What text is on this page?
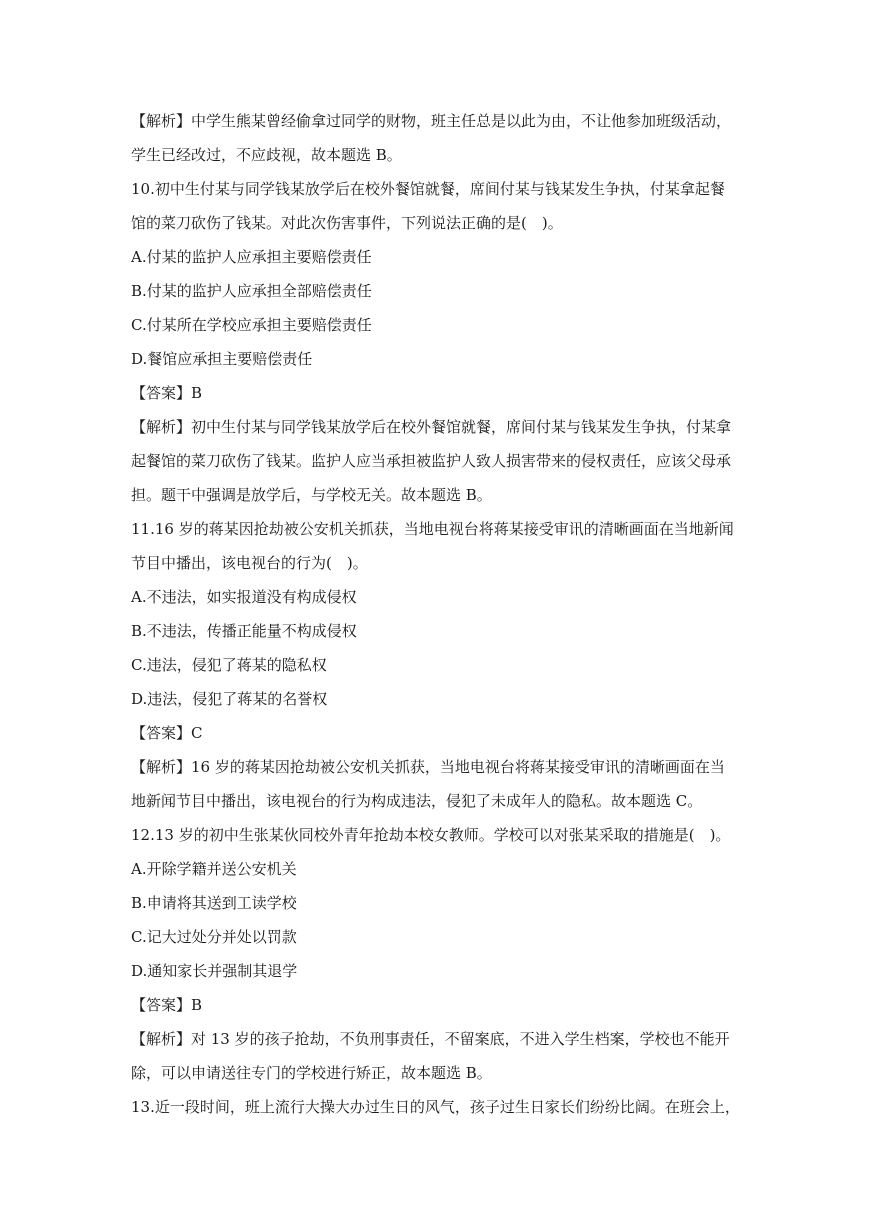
【解析】中学生熊某曾经偷拿过同学的财物，班主任总是以此为由，不让他参加班级活动，
学生已经改过，不应歧视，故本题选 B。
10.初中生付某与同学钱某放学后在校外餐馆就餐，席间付某与钱某发生争执，付某拿起餐
馆的菜刀砍伤了钱某。对此次伤害事件，下列说法正确的是(　)。
A.付某的监护人应承担主要赔偿责任
B.付某的监护人应承担全部赔偿责任
C.付某所在学校应承担主要赔偿责任
D.餐馆应承担主要赔偿责任
【答案】B
【解析】初中生付某与同学钱某放学后在校外餐馆就餐，席间付某与钱某发生争执，付某拿
起餐馆的菜刀砍伤了钱某。监护人应当承担被监护人致人损害带来的侵权责任，应该父母承
担。题干中强调是放学后，与学校无关。故本题选 B。
11.16 岁的蒋某因抢劫被公安机关抓获，当地电视台将蒋某接受审讯的清晰画面在当地新闻
节目中播出，该电视台的行为(　)。
A.不违法，如实报道没有构成侵权
B.不违法，传播正能量不构成侵权
C.违法，侵犯了蒋某的隐私权
D.违法，侵犯了蒋某的名誉权
【答案】C
【解析】16 岁的蒋某因抢劫被公安机关抓获，当地电视台将蒋某接受审讯的清晰画面在当
地新闻节目中播出，该电视台的行为构成违法，侵犯了未成年人的隐私。故本题选 C。
12.13 岁的初中生张某伙同校外青年抢劫本校女教师。学校可以对张某采取的措施是(　)。
A.开除学籍并送公安机关
B.申请将其送到工读学校
C.记大过处分并处以罚款
D.通知家长并强制其退学
【答案】B
【解析】对 13 岁的孩子抢劫，不负刑事责任，不留案底，不进入学生档案，学校也不能开
除，可以申请送往专门的学校进行矫正，故本题选 B。
13.近一段时间，班上流行大操大办过生日的风气，孩子过生日家长们纷纷比阔。在班会上，
